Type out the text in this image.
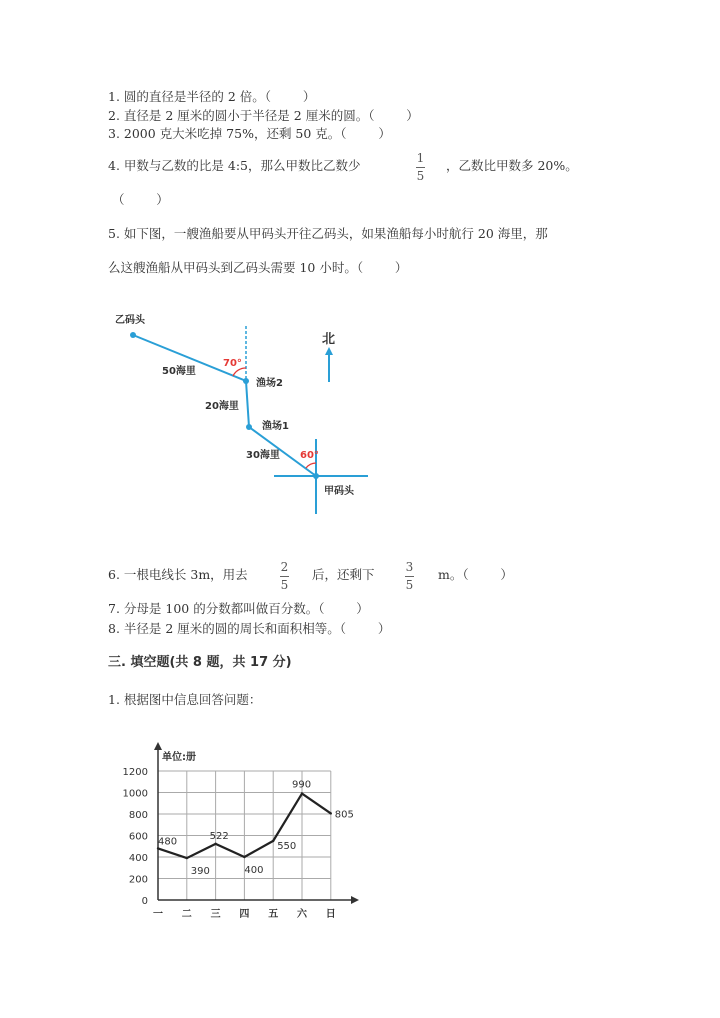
1. 圆的直径是半径的 2 倍。（        ）
2. 直径是 2 厘米的圆小于半径是 2 厘米的圆。（        ）
3. 2000 克大米吃掉 75%，还剩 50 克。（        ）
4. 甲数与乙数的比是 4:5，那么甲数比乙数少	1
5
，乙数比甲数多 20%。
（        ）
5. 如下图，一艘渔船要从甲码头开往乙码头，如果渔船每小时航行 20 海里，那
么这艘渔船从甲码头到乙码头需要 10 小时。（        ）
乙码头
50海里
渔场2
20海里
渔场1
30海里
甲码头
北
70°
60°
6. 一根电线长 3m，用去	2
5
后，还剩下	3
5
m。（        ）
7. 分母是 100 的分数都叫做百分数。（        ）
8. 半径是 2 厘米的圆的周长和面积相等。（        ）
三. 填空题(共 8 题，共 17 分)
1. 根据图中信息回答问题：
单位:册
0
200
400
600
800
1000
1200
一 二 三 四 五 六 日
480
390
522
400
550
990
805
